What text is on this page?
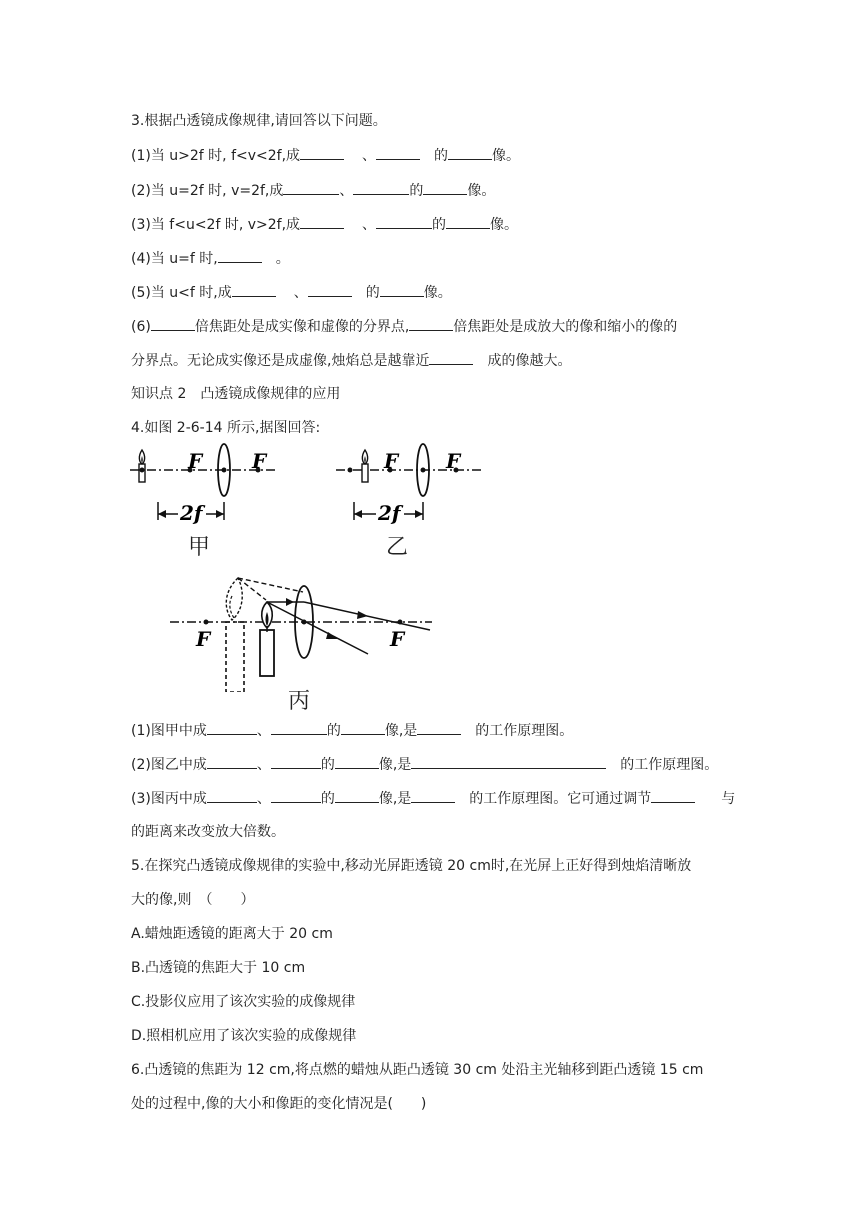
3.根据凸透镜成像规律,请回答以下问题。
(1)当 u>2f 时, f<v<2f,成	、	的	像。
(2)当 u=2f 时, v=2f,成	、	的	像。
(3)当 f<u<2f 时, v>2f,成	、	的	像。
(4)当 u=f 时,	。
(5)当 u<f 时,成	、	的	像。
(6)	倍焦距处是成实像和虚像的分界点,	倍焦距处是成放大的像和缩小的像的
分界点。无论成实像还是成虚像,烛焰总是越靠近	成的像越大。
知识点 2　凸透镜成像规律的应用
4.如图 2-6-14 所示,据图回答:
F F
2f
甲
F F
2f
乙
F	F
丙
(1)图甲中成	、	的	像,是	的工作原理图。
(2)图乙中成	、	的	像,是	的工作原理图。
(3)图丙中成	、	的	像,是	的工作原理图。它可通过调节	与
的距离来改变放大倍数。
5.在探究凸透镜成像规律的实验中,移动光屏距透镜 20 cm时,在光屏上正好得到烛焰清晰放
大的像,则　（　　）
A.蜡烛距透镜的距离大于 20 cm
B.凸透镜的焦距大于 10 cm
C.投影仪应用了该次实验的成像规律
D.照相机应用了该次实验的成像规律
6.凸透镜的焦距为 12 cm,将点燃的蜡烛从距凸透镜 30 cm 处沿主光轴移到距凸透镜 15 cm
处的过程中,像的大小和像距的变化情况是(　　)
